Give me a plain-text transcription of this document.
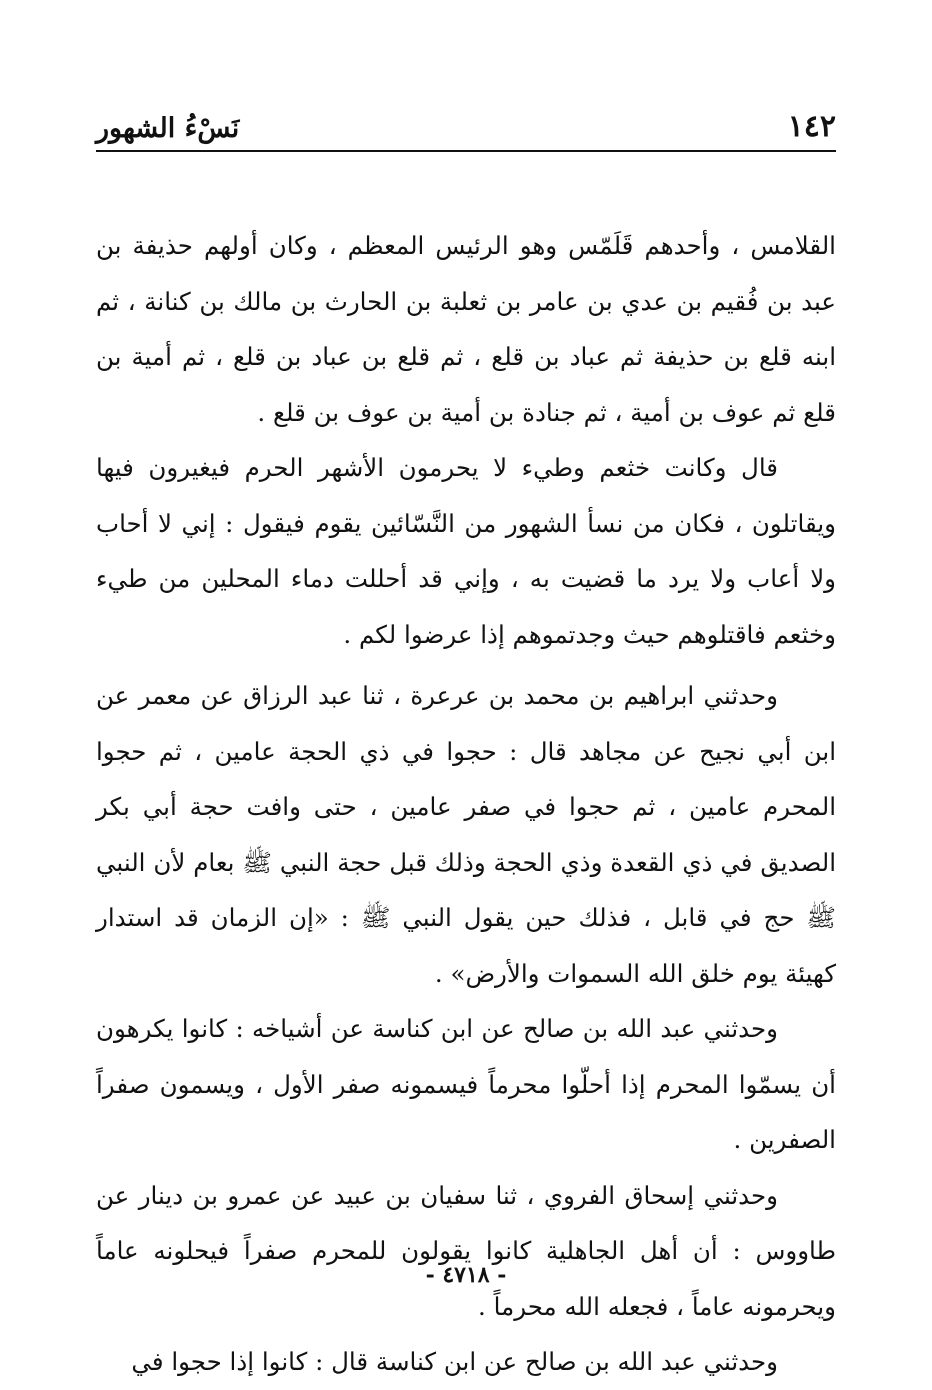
١٤٢
نَسْءُ الشهور

القلامس ، وأحدهم قَلَمّس وهو الرئيس المعظم ، وكان أولهم حذيفة بن عبد بن فُقيم بن عدي بن عامر بن ثعلبة بن الحارث بن مالك بن كنانة ، ثم ابنه قلع بن حذيفة ثم عباد بن قلع ، ثم قلع بن عباد بن قلع ، ثم أمية بن قلع ثم عوف بن أمية ، ثم جنادة بن أمية بن عوف بن قلع .

قال وكانت خثعم وطيء لا يحرمون الأشهر الحرم فيغيرون فيها ويقاتلون ، فكان من نسأ الشهور من النَّسّائين يقوم فيقول : إني لا أحاب ولا أعاب ولا يرد ما قضيت به ، وإني قد أحللت دماء المحلين من طيء وخثعم فاقتلوهم حيث وجدتموهم إذا عرضوا لكم .

وحدثني ابراهيم بن محمد بن عرعرة ، ثنا عبد الرزاق عن معمر عن ابن أبي نجيح عن مجاهد قال : حجوا في ذي الحجة عامين ، ثم حجوا المحرم عامين ، ثم حجوا في صفر عامين ، حتى وافت حجة أبي بكر الصديق في ذي القعدة وذي الحجة وذلك قبل حجة النبي ﷺ بعام لأن النبي ﷺ حج في قابل ، فذلك حين يقول النبي ﷺ : «إن الزمان قد استدار كهيئة يوم خلق الله السموات والأرض» .

وحدثني عبد الله بن صالح عن ابن كناسة عن أشياخه : كانوا يكرهون أن يسمّوا المحرم إذا أحلّوا محرماً فيسمونه صفر الأول ، ويسمون صفراً الصفرين .

وحدثني إسحاق الفروي ، ثنا سفيان بن عبيد عن عمرو بن دينار عن طاووس : أن أهل الجاهلية كانوا يقولون للمحرم صفراً فيحلونه عاماً ويحرمونه عاماً ، فجعله الله محرماً .

وحدثني عبد الله بن صالح عن ابن كناسة قال : كانوا إذا حجوا في

- ٤٧١٨ -
